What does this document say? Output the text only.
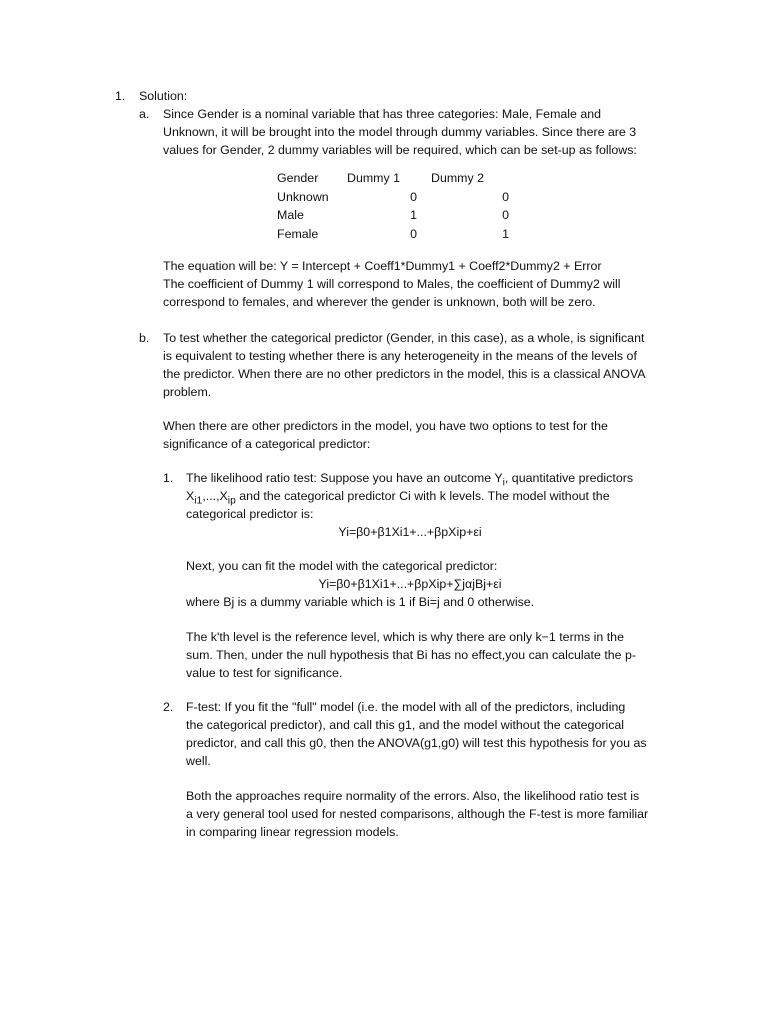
1. Solution:
a. Since Gender is a nominal variable that has three categories: Male, Female and
Unknown, it will be brought into the model through dummy variables. Since there are 3
values for Gender, 2 dummy variables will be required, which can be set-up as follows:
Gender	Dummy 1	Dummy 2
Unknown	0	0
Male	1	0
Female	0	1
The equation will be: Y = Intercept + Coeff1*Dummy1 + Coeff2*Dummy2 + Error
The coefficient of Dummy 1 will correspond to Males, the coefficient of Dummy2 will
correspond to females, and wherever the gender is unknown, both will be zero.
b. To test whether the categorical predictor (Gender, in this case), as a whole, is significant
is equivalent to testing whether there is any heterogeneity in the means of the levels of
the predictor. When there are no other predictors in the model, this is a classical ANOVA
problem.
When there are other predictors in the model, you have two options to test for the
significance of a categorical predictor:
1. The likelihood ratio test: Suppose you have an outcome $Y_i$, quantitative predictors
$X_{i1},...,X_{ip}$ and the categorical predictor Ci with k levels. The model without the
categorical predictor is:
Yi=β0+β1Xi1+...+βpXip+εi
Next, you can fit the model with the categorical predictor:
Yi=β0+β1Xi1+...+βpXip+∑jαjBj+εi
where Bj is a dummy variable which is 1 if Bi=j and 0 otherwise.
The k'th level is the reference level, which is why there are only k−1 terms in the
sum. Then, under the null hypothesis that Bi has no effect,you can calculate the p-
value to test for significance.
2. F-test: If you fit the "full" model (i.e. the model with all of the predictors, including
the categorical predictor), and call this g1, and the model without the categorical
predictor, and call this g0, then the ANOVA(g1,g0) will test this hypothesis for you as
well.
Both the approaches require normality of the errors. Also, the likelihood ratio test is
a very general tool used for nested comparisons, although the F-test is more familiar
in comparing linear regression models.
